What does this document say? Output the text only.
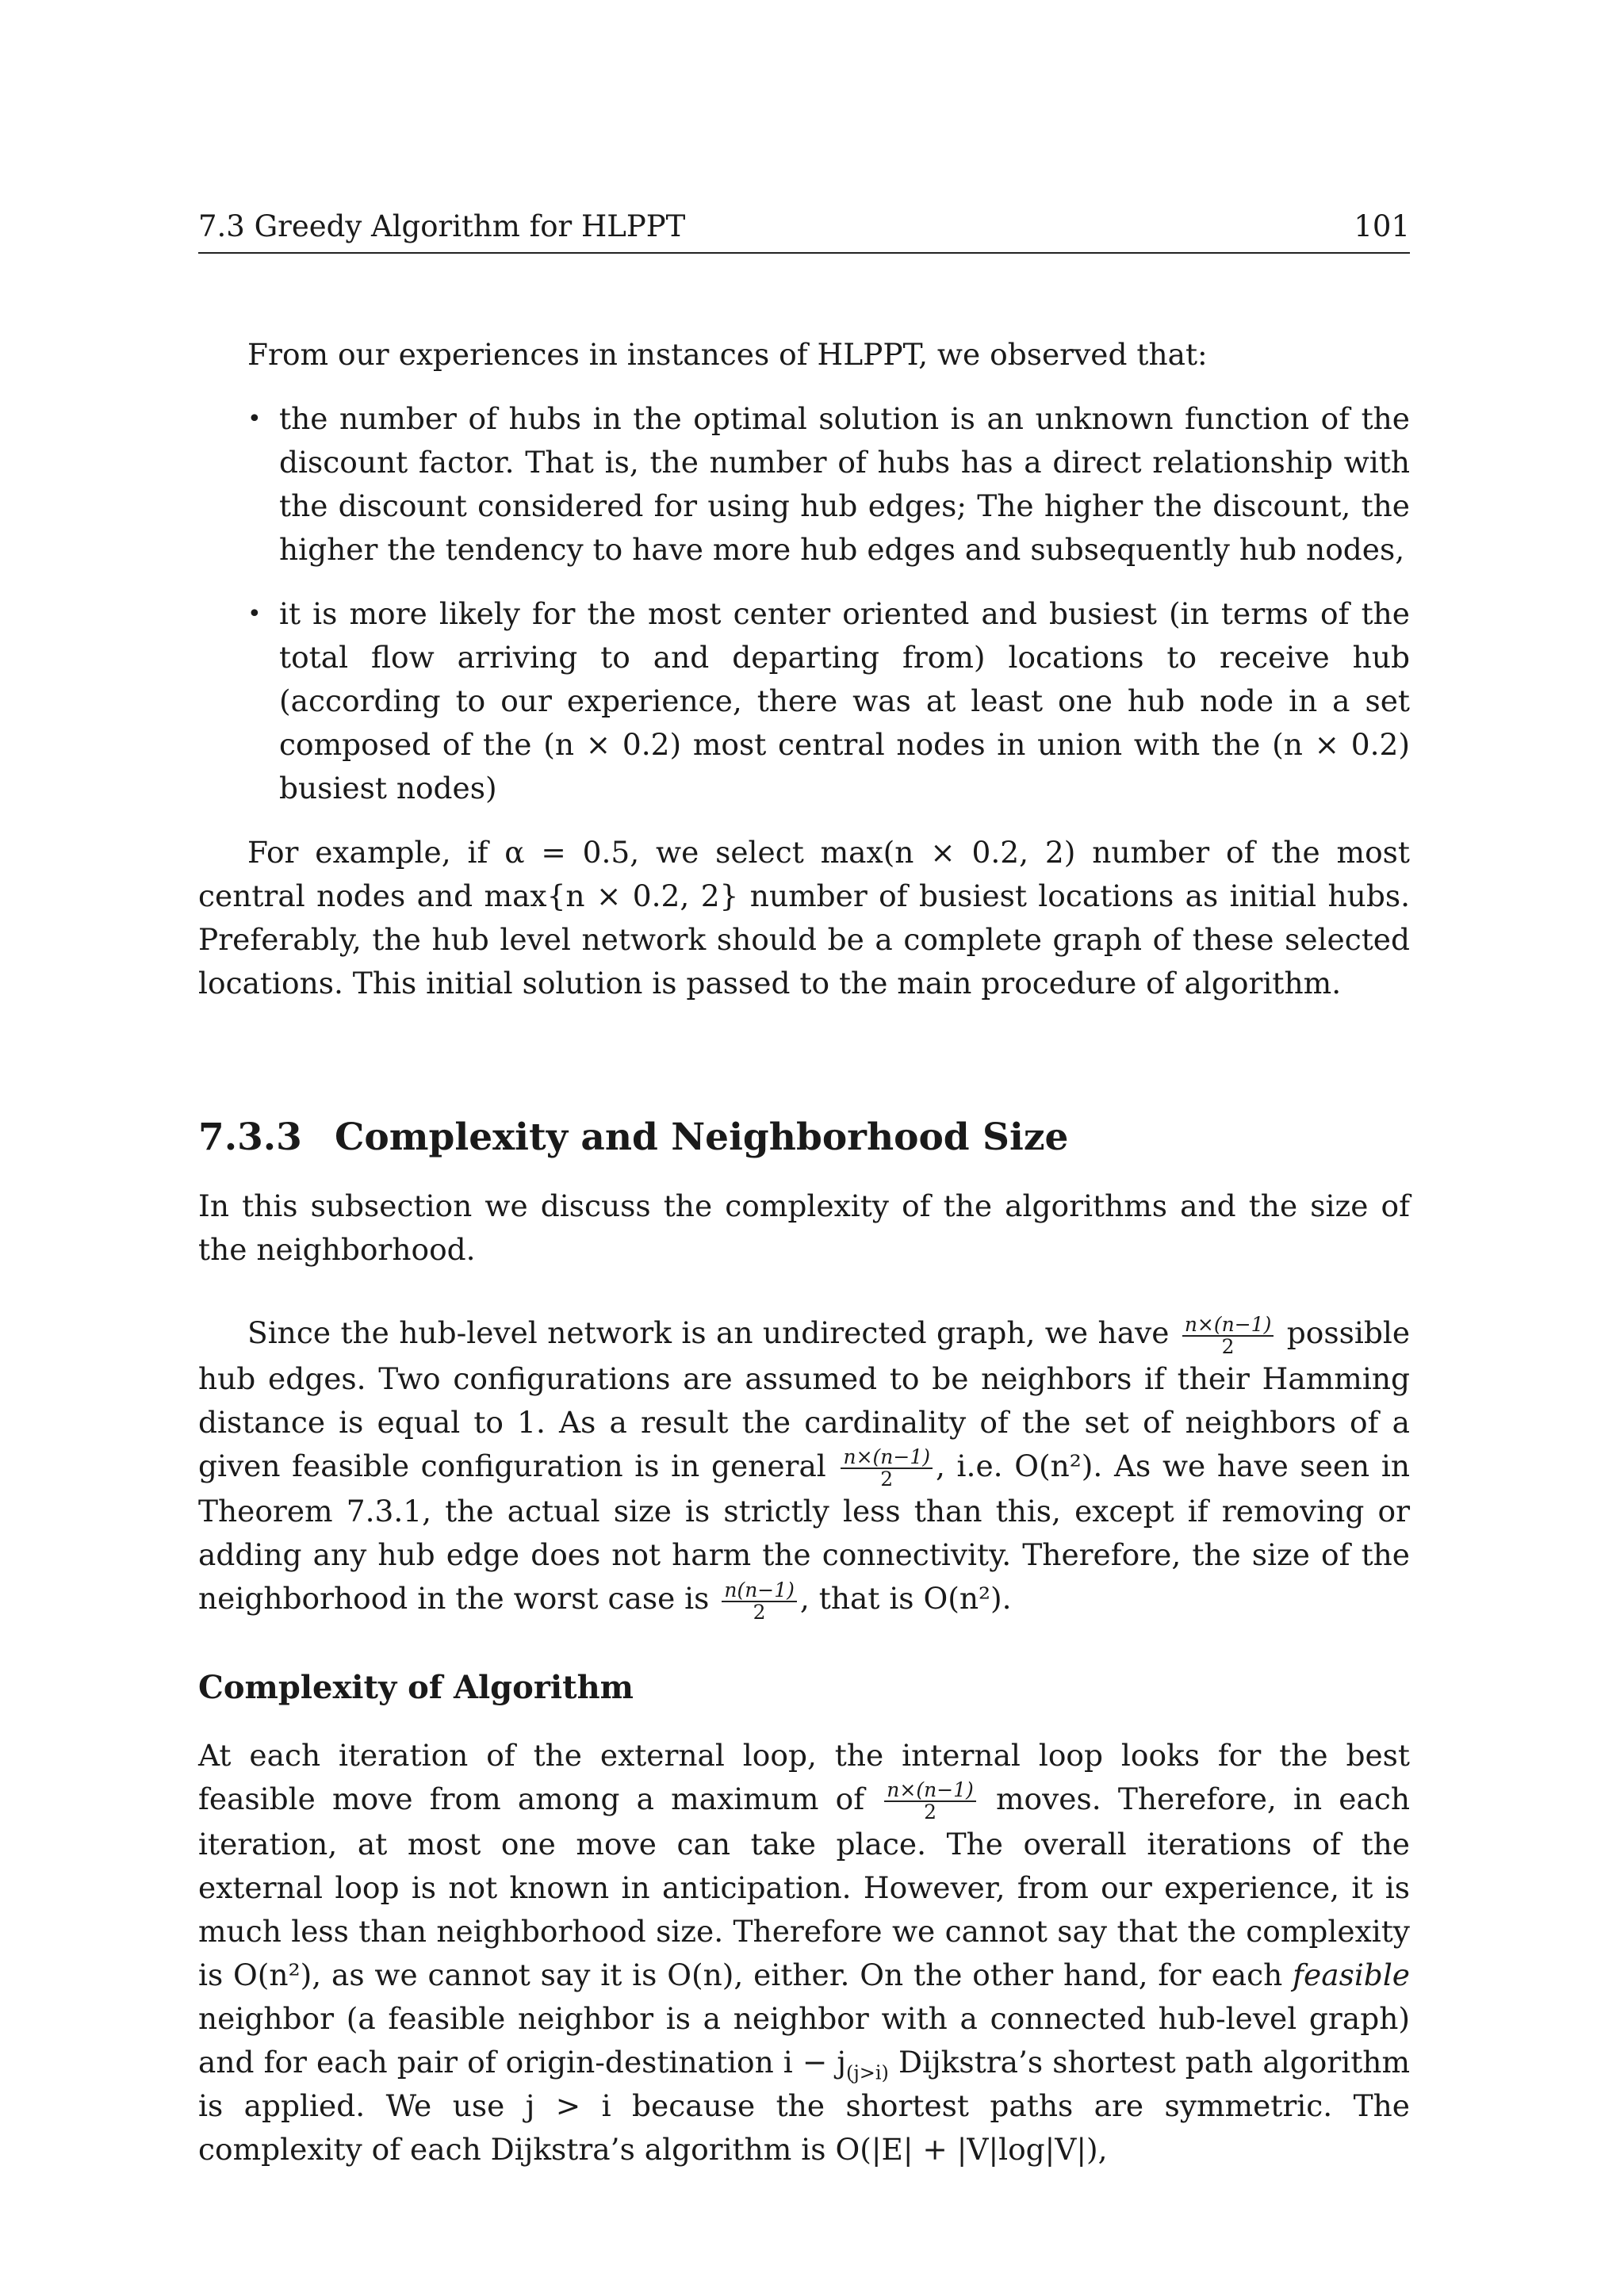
7.3 Greedy Algorithm for HLPPT	101

From our experiences in instances of HLPPT, we observed that:

• the number of hubs in the optimal solution is an unknown function of the discount factor. That is, the number of hubs has a direct relationship with the discount considered for using hub edges; The higher the discount, the higher the tendency to have more hub edges and subsequently hub nodes,
• it is more likely for the most center oriented and busiest (in terms of the total flow arriving to and departing from) locations to receive hub (according to our experience, there was at least one hub node in a set composed of the (n × 0.2) most central nodes in union with the (n × 0.2) busiest nodes)

For example, if α = 0.5, we select max(n × 0.2, 2) number of the most central nodes and max{n × 0.2, 2} number of busiest locations as initial hubs. Preferably, the hub level network should be a complete graph of these selected locations. This initial solution is passed to the main procedure of algorithm.

7.3.3 Complexity and Neighborhood Size

In this subsection we discuss the complexity of the algorithms and the size of the neighborhood.

Since the hub-level network is an undirected graph, we have $\frac{n\times(n-1)}{2}$ possible hub edges. Two configurations are assumed to be neighbors if their Hamming distance is equal to 1. As a result the cardinality of the set of neighbors of a given feasible configuration is in general $\frac{n\times(n-1)}{2}$ , i.e. O(n²). As we have seen in Theorem 7.3.1, the actual size is strictly less than this, except if removing or adding any hub edge does not harm the connectivity. Therefore, the size of the neighborhood in the worst case is $\frac{n(n-1)}{2}$ , that is O(n²).

Complexity of Algorithm

At each iteration of the external loop, the internal loop looks for the best feasible move from among a maximum of $\frac{n\times(n-1)}{2}$ moves. Therefore, in each iteration, at most one move can take place. The overall iterations of the external loop is not known in anticipation. However, from our experience, it is much less than neighborhood size. Therefore we cannot say that the complexity is O(n²), as we cannot say it is O(n), either. On the other hand, for each feasible neighbor (a feasible neighbor is a neighbor with a connected hub-level graph) and for each pair of origin-destination $i - j_{(j>i)}$ Dijkstra’s shortest path algorithm is applied. We use j > i because the shortest paths are symmetric. The complexity of each Dijkstra’s algorithm is O(|E| + |V|log|V|),
